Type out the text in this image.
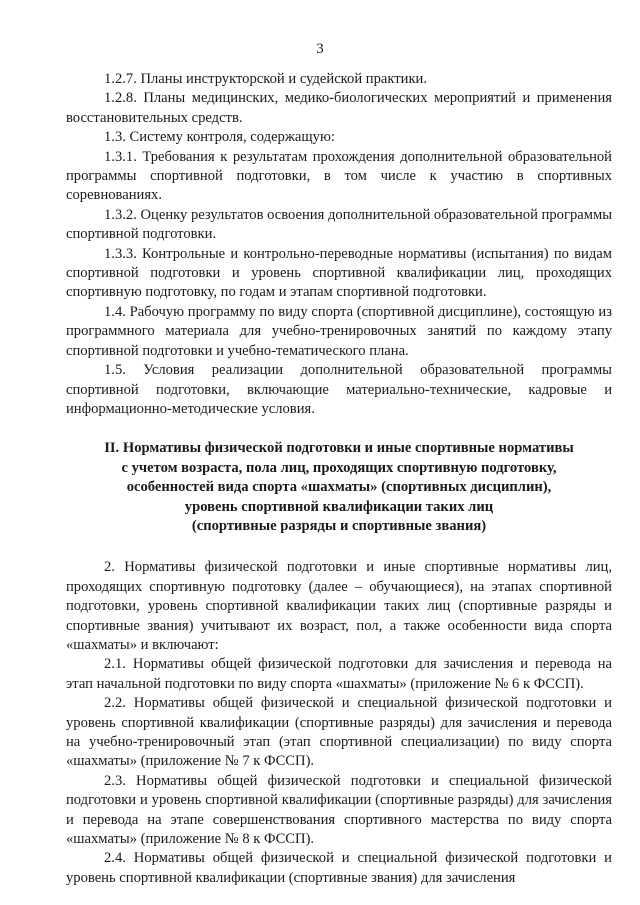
3

1.2.7. Планы инструкторской и судейской практики.

1.2.8. Планы медицинских, медико-биологических мероприятий и применения восстановительных средств.

1.3. Систему контроля, содержащую:

1.3.1. Требования к результатам прохождения дополнительной образовательной программы спортивной подготовки, в том числе к участию в спортивных соревнованиях.

1.3.2. Оценку результатов освоения дополнительной образовательной программы спортивной подготовки.

1.3.3. Контрольные и контрольно-переводные нормативы (испытания) по видам спортивной подготовки и уровень спортивной квалификации лиц, проходящих спортивную подготовку, по годам и этапам спортивной подготовки.

1.4. Рабочую программу по виду спорта (спортивной дисциплине), состоящую из программного материала для учебно-тренировочных занятий по каждому этапу спортивной подготовки и учебно-тематического плана.

1.5. Условия реализации дополнительной образовательной программы спортивной подготовки, включающие материально-технические, кадровые и информационно-методические условия.

II. Нормативы физической подготовки и иные спортивные нормативы
с учетом возраста, пола лиц, проходящих спортивную подготовку,
особенностей вида спорта «шахматы» (спортивных дисциплин),
уровень спортивной квалификации таких лиц
(спортивные разряды и спортивные звания)

2. Нормативы физической подготовки и иные спортивные нормативы лиц, проходящих спортивную подготовку (далее – обучающиеся), на этапах спортивной подготовки, уровень спортивной квалификации таких лиц (спортивные разряды и спортивные звания) учитывают их возраст, пол, а также особенности вида спорта «шахматы» и включают:

2.1. Нормативы общей физической подготовки для зачисления и перевода на этап начальной подготовки по виду спорта «шахматы» (приложение № 6 к ФССП).

2.2. Нормативы общей физической и специальной физической подготовки и уровень спортивной квалификации (спортивные разряды) для зачисления и перевода на учебно-тренировочный этап (этап спортивной специализации) по виду спорта «шахматы» (приложение № 7 к ФССП).

2.3. Нормативы общей физической подготовки и специальной физической подготовки и уровень спортивной квалификации (спортивные разряды) для зачисления и перевода на этапе совершенствования спортивного мастерства по виду спорта «шахматы» (приложение № 8 к ФССП).

2.4. Нормативы общей физической и специальной физической подготовки и уровень спортивной квалификации (спортивные звания) для зачисления
